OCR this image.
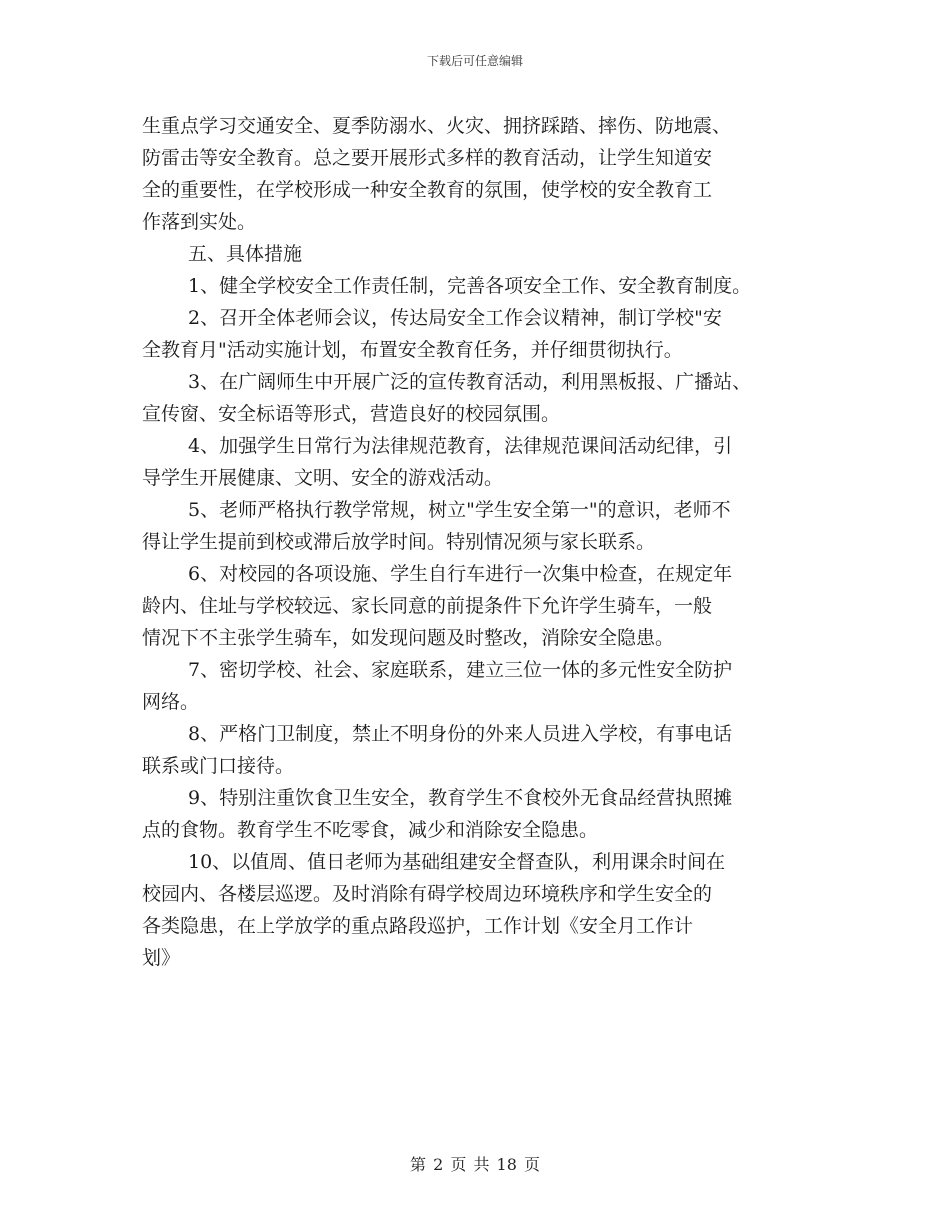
下载后可任意编辑
生重点学习交通安全、夏季防溺水、火灾、拥挤踩踏、摔伤、防地震、
防雷击等安全教育。总之要开展形式多样的教育活动，让学生知道安
全的重要性，在学校形成一种安全教育的氛围，使学校的安全教育工
作落到实处。
五、具体措施
1、健全学校安全工作责任制，完善各项安全工作、安全教育制度。
2、召开全体老师会议，传达局安全工作会议精神，制订学校"安
全教育月"活动实施计划，布置安全教育任务，并仔细贯彻执行。
3、在广阔师生中开展广泛的宣传教育活动，利用黑板报、广播站、
宣传窗、安全标语等形式，营造良好的校园氛围。
4、加强学生日常行为法律规范教育，法律规范课间活动纪律，引
导学生开展健康、文明、安全的游戏活动。
5、老师严格执行教学常规，树立"学生安全第一"的意识，老师不
得让学生提前到校或滞后放学时间。特别情况须与家长联系。
6、对校园的各项设施、学生自行车进行一次集中检查，在规定年
龄内、住址与学校较远、家长同意的前提条件下允许学生骑车，一般
情况下不主张学生骑车，如发现问题及时整改，消除安全隐患。
7、密切学校、社会、家庭联系，建立三位一体的多元性安全防护
网络。
8、严格门卫制度，禁止不明身份的外来人员进入学校，有事电话
联系或门口接待。
9、特别注重饮食卫生安全，教育学生不食校外无食品经营执照摊
点的食物。教育学生不吃零食，减少和消除安全隐患。
10、以值周、值日老师为基础组建安全督查队，利用课余时间在
校园内、各楼层巡逻。及时消除有碍学校周边环境秩序和学生安全的
各类隐患，在上学放学的重点路段巡护，工作计划《安全月工作计
划》
第 2 页 共 18 页
